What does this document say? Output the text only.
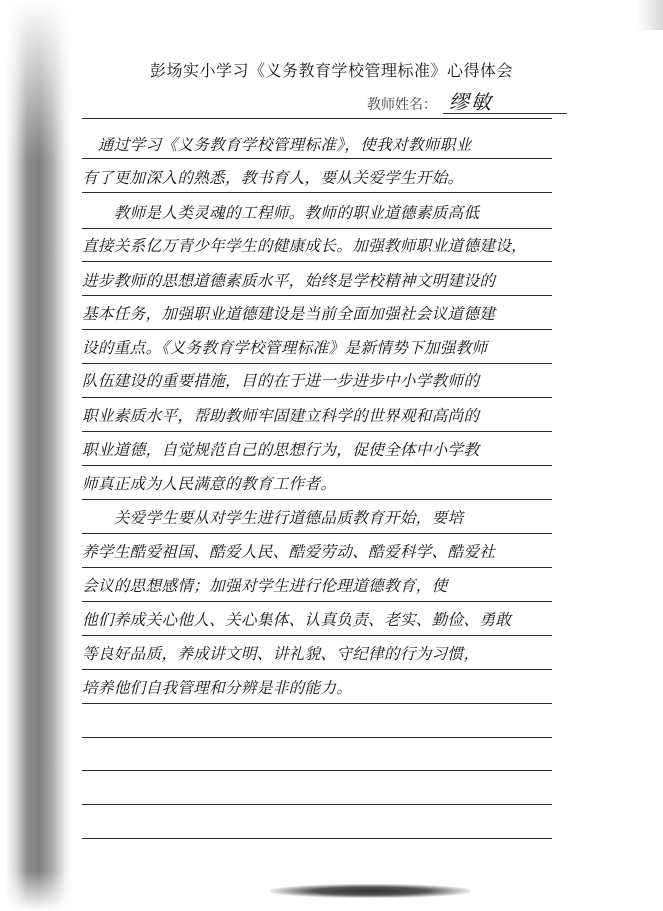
彭场实小学习《义务教育学校管理标准》心得体会
教师姓名： 缪敏
　通过学习《义务教育学校管理标准》，使我对教师职业
有了更加深入的熟悉，教书育人，要从关爱学生开始。
　　教师是人类灵魂的工程师。教师的职业道德素质高低
直接关系亿万青少年学生的健康成长。加强教师职业道德建设，
进步教师的思想道德素质水平，始终是学校精神文明建设的
基本任务，加强职业道德建设是当前全面加强社会议道德建
设的重点。《义务教育学校管理标准》是新情势下加强教师
队伍建设的重要措施，目的在于进一步进步中小学教师的
职业素质水平，帮助教师牢固建立科学的世界观和高尚的
职业道德，自觉规范自己的思想行为，促使全体中小学教
师真正成为人民满意的教育工作者。
　　关爱学生要从对学生进行道德品质教育开始，要培
养学生酷爱祖国、酷爱人民、酷爱劳动、酷爱科学、酷爱社
会议的思想感情；加强对学生进行伦理道德教育，使
他们养成关心他人、关心集体、认真负责、老实、勤俭、勇敢
等良好品质，养成讲文明、讲礼貌、守纪律的行为习惯，
培养他们自我管理和分辨是非的能力。
